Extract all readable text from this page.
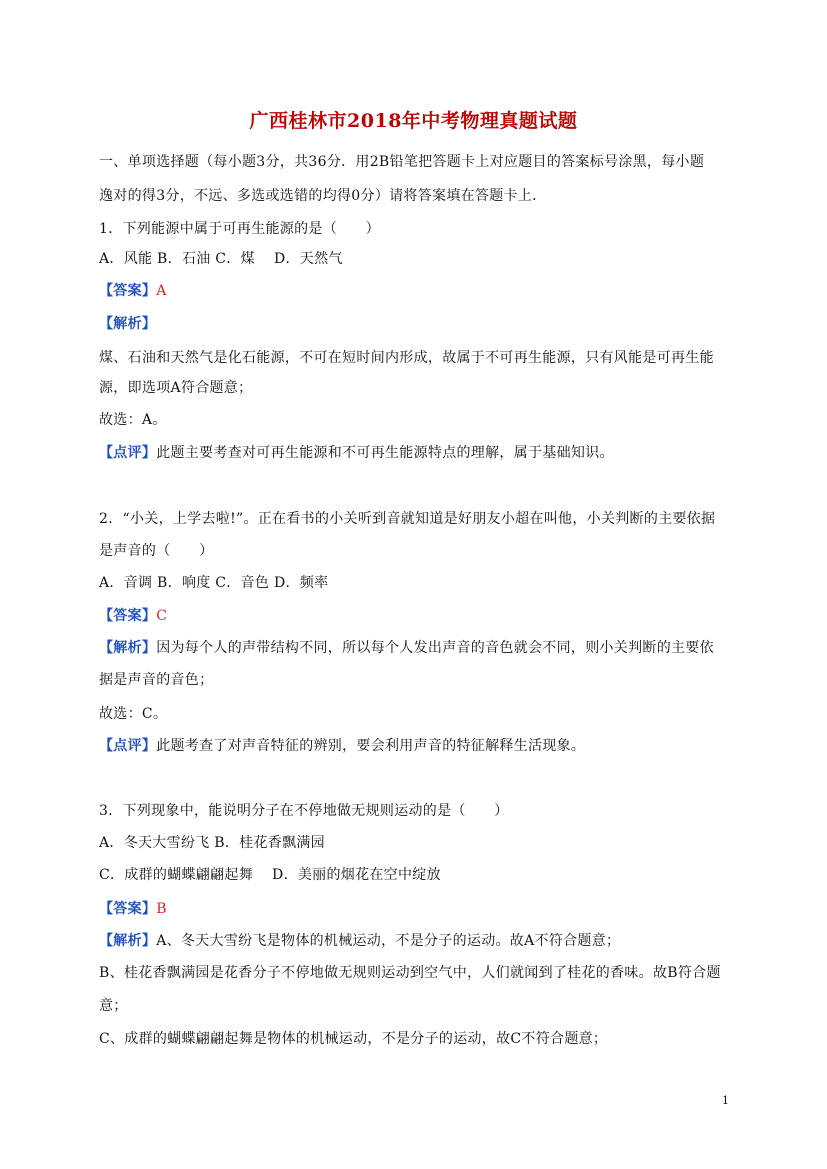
广西桂林市2018年中考物理真题试题
一、单项选择题（每小题3分，共36分．用2B铅笔把答题卡上对应题目的答案标号涂黑，每小题
逸对的得3分，不远、多选或选错的均得0分）请将答案填在答题卡上．
1．下列能源中属于可再生能源的是（　　）
A．风能 B．石油 C．煤　 D．天然气
【答案】A
【解析】
煤、石油和天然气是化石能源，不可在短时间内形成，故属于不可再生能源，只有风能是可再生能
源，即选项A符合题意；
故选：A。
【点评】此题主要考查对可再生能源和不可再生能源特点的理解，属于基础知识。
2．“小关，上学去啦!”。正在看书的小关听到音就知道是好朋友小超在叫他，小关判断的主要依据
是声音的（　　）
A．音调 B．响度 C．音色 D．频率
【答案】C
【解析】因为每个人的声带结构不同，所以每个人发出声音的音色就会不同，则小关判断的主要依
据是声音的音色；
故选：C。
【点评】此题考查了对声音特征的辨别，要会利用声音的特征解释生活现象。
3．下列现象中，能说明分子在不停地做无规则运动的是（　　）
A．冬天大雪纷飞 B．桂花香飘满园
C．成群的蝴蝶翩翩起舞　 D．美丽的烟花在空中绽放
【答案】B
【解析】A、冬天大雪纷飞是物体的机械运动，不是分子的运动。故A不符合题意；
B、桂花香飘满园是花香分子不停地做无规则运动到空气中，人们就闻到了桂花的香味。故B符合题
意；
C、成群的蝴蝶翩翩起舞是物体的机械运动，不是分子的运动，故C不符合题意；
1
